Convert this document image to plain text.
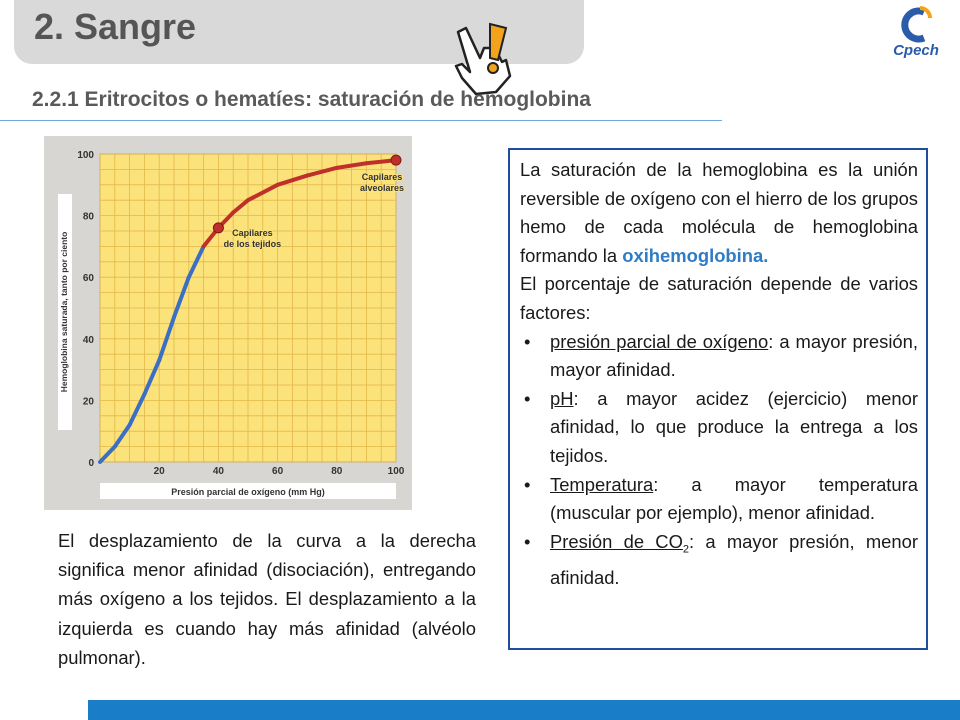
2. Sangre
Cpech
2.2.1 Eritrocitos o hematíes: saturación de hemoglobina
0
20
40
60
80
100
20	40	60	80	100
Hemoglobina saturada, tanto por ciento
Presión parcial de oxígeno (mm Hg)
Capilares
de los tejidos
Capilares
alveolares

La saturación de la hemoglobina es la unión reversible de oxígeno con el hierro de los grupos hemo de cada molécula de hemoglobina formando la oxihemoglobina.

El porcentaje de saturación depende de varios factores:

• presión parcial de oxígeno: a mayor presión, mayor afinidad.
• pH: a mayor acidez (ejercicio) menor afinidad, lo que produce la entrega a los tejidos.
• Temperatura: a mayor temperatura (muscular por ejemplo), menor afinidad.
• Presión de $CO_2$: a mayor presión, menor afinidad.
El desplazamiento de la curva a la derecha significa menor afinidad (disociación), entregando más oxígeno a los tejidos. El desplazamiento a la izquierda es cuando hay más afinidad (alvéolo pulmonar).
